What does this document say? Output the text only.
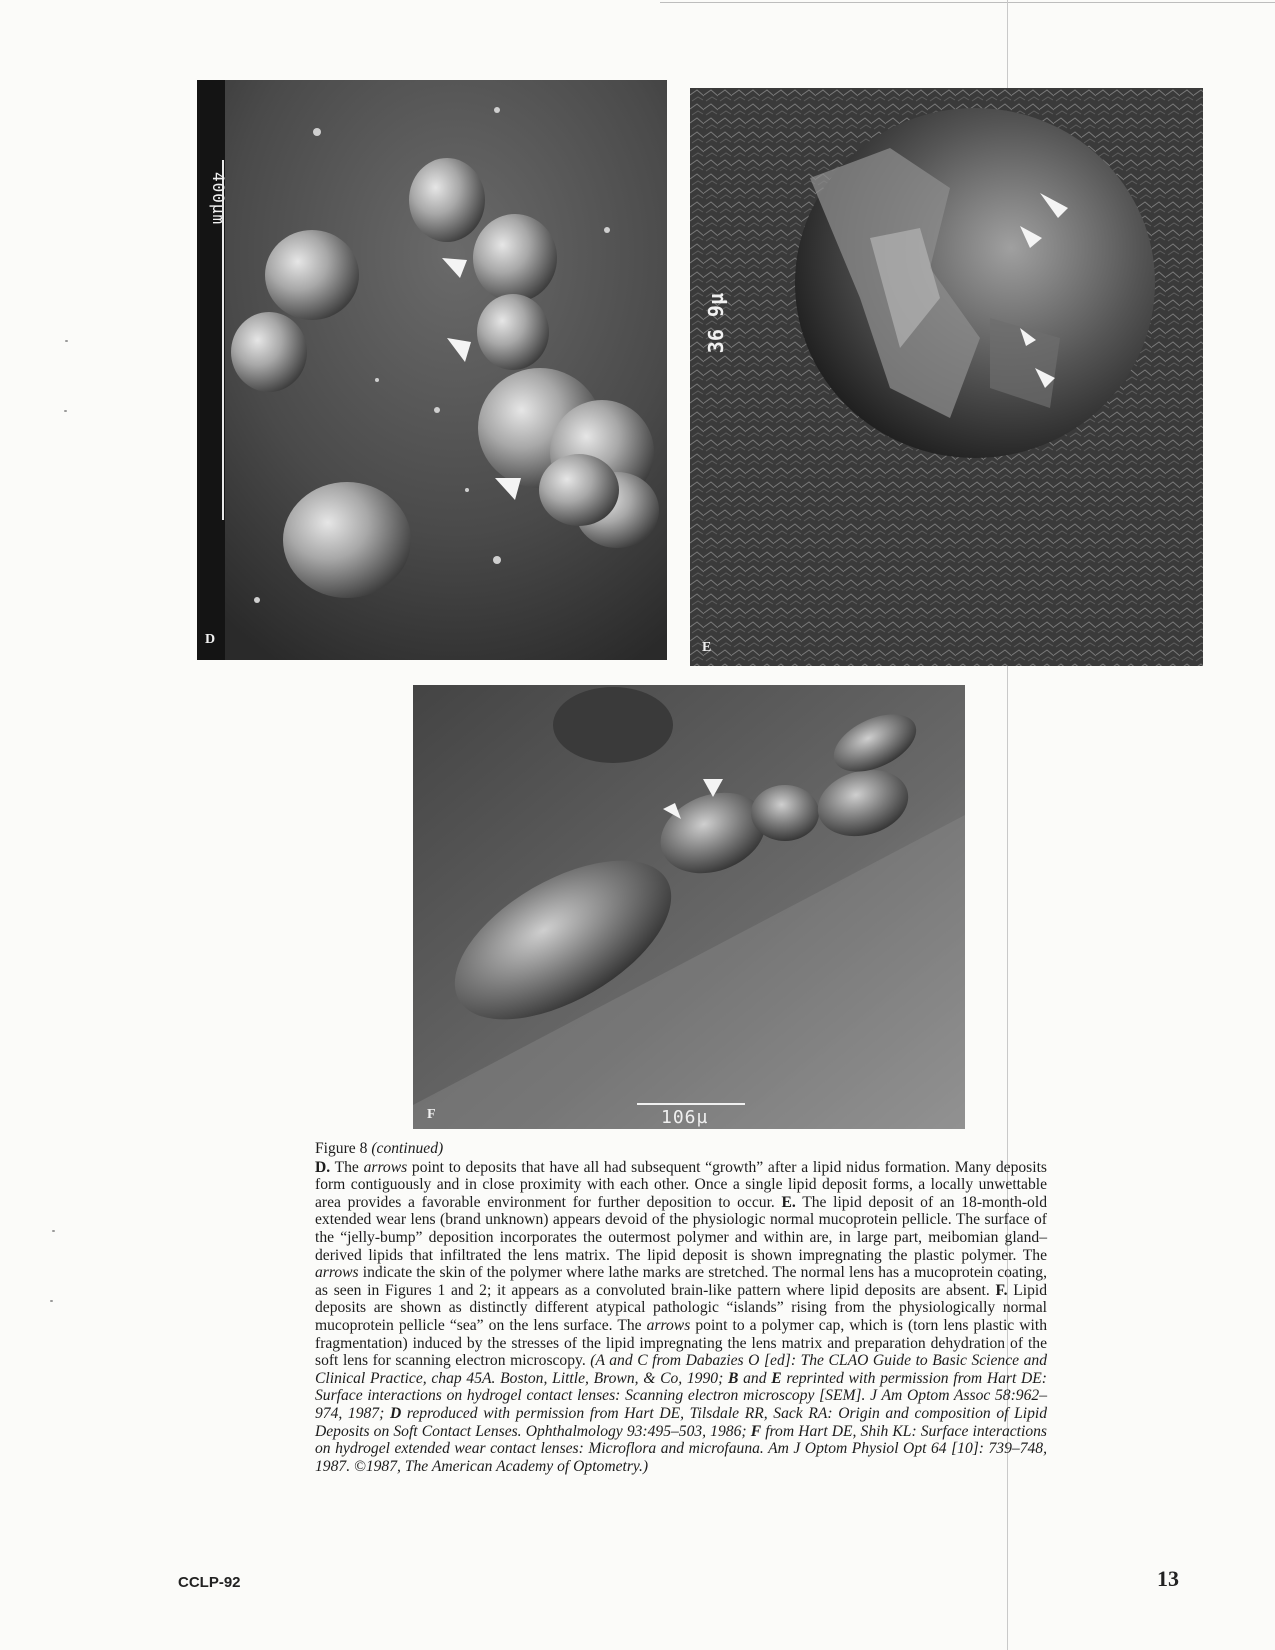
400µm
D
36 9µ
E
106µ
F

Figure 8 (continued)

D. The arrows point to deposits that have all had subsequent “growth” after a lipid nidus formation. Many deposits form contiguously and in close proximity with each other. Once a single lipid deposit forms, a locally unwettable area provides a favorable environment for further deposition to occur. E. The lipid deposit of an 18-month-old extended wear lens (brand unknown) appears devoid of the physiologic normal mucoprotein pellicle. The surface of the “jelly-bump” deposition incorporates the outermost polymer and within are, in large part, meibomian gland–derived lipids that infiltrated the lens matrix. The lipid deposit is shown impregnating the plastic polymer. The arrows indicate the skin of the polymer where lathe marks are stretched. The normal lens has a mucoprotein coating, as seen in Figures 1 and 2; it appears as a convoluted brain-like pattern where lipid deposits are absent. F. Lipid deposits are shown as distinctly different atypical pathologic “islands” rising from the physiologically normal mucoprotein pellicle “sea” on the lens surface. The arrows point to a polymer cap, which is (torn lens plastic with fragmentation) induced by the stresses of the lipid impregnating the lens matrix and preparation dehydration of the soft lens for scanning electron microscopy. (A and C from Dabazies O [ed]: The CLAO Guide to Basic Science and Clinical Practice, chap 45A. Boston, Little, Brown, & Co, 1990; B and E reprinted with permission from Hart DE: Surface interactions on hydrogel contact lenses: Scanning electron microscopy [SEM]. J Am Optom Assoc 58:962–974, 1987; D reproduced with permission from Hart DE, Tilsdale RR, Sack RA: Origin and composition of Lipid Deposits on Soft Contact Lenses. Ophthalmology 93:495–503, 1986; F from Hart DE, Shih KL: Surface interactions on hydrogel extended wear contact lenses: Microflora and microfauna. Am J Optom Physiol Opt 64 [10]: 739–748, 1987. ©1987, The American Academy of Optometry.)

CCLP-92	13
